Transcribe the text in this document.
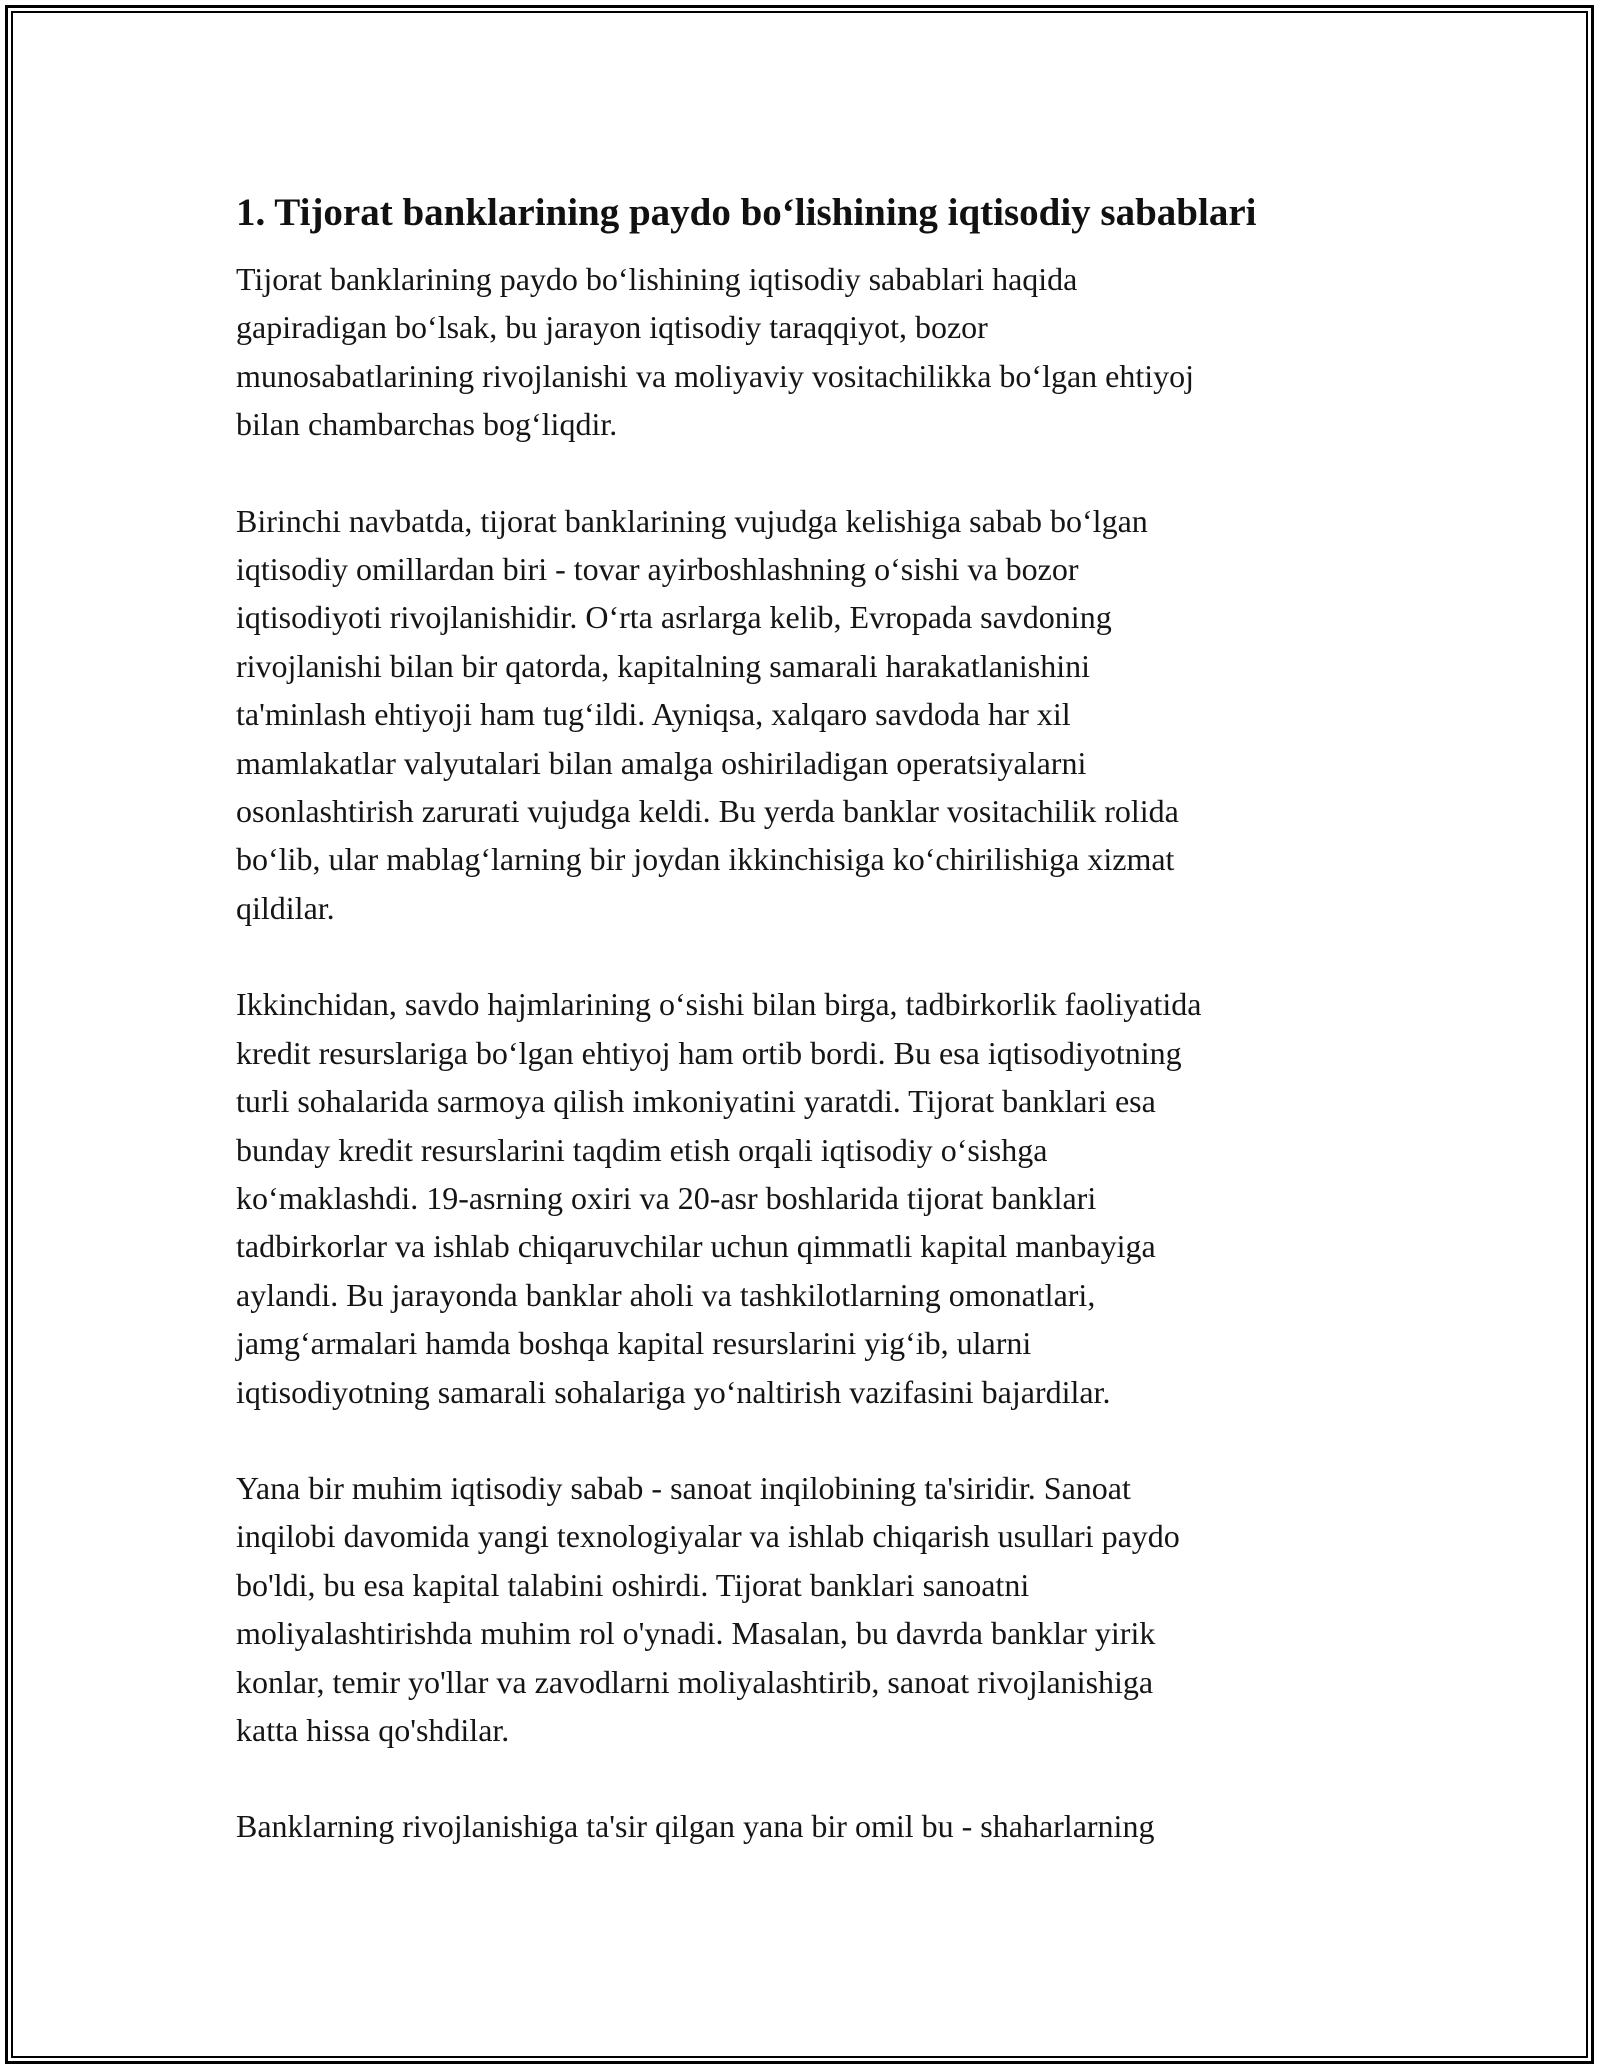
1. Tijorat banklarining paydo bo‘lishining iqtisodiy sabablari

Tijorat banklarining paydo bo‘lishining iqtisodiy sabablari haqida
gapiradigan bo‘lsak, bu jarayon iqtisodiy taraqqiyot, bozor
munosabatlarining rivojlanishi va moliyaviy vositachilikka bo‘lgan ehtiyoj
bilan chambarchas bog‘liqdir.

Birinchi navbatda, tijorat banklarining vujudga kelishiga sabab bo‘lgan
iqtisodiy omillardan biri - tovar ayirboshlashning o‘sishi va bozor
iqtisodiyoti rivojlanishidir. O‘rta asrlarga kelib, Evropada savdoning
rivojlanishi bilan bir qatorda, kapitalning samarali harakatlanishini
ta'minlash ehtiyoji ham tug‘ildi. Ayniqsa, xalqaro savdoda har xil
mamlakatlar valyutalari bilan amalga oshiriladigan operatsiyalarni
osonlashtirish zarurati vujudga keldi. Bu yerda banklar vositachilik rolida
bo‘lib, ular mablag‘larning bir joydan ikkinchisiga ko‘chirilishiga xizmat
qildilar.

Ikkinchidan, savdo hajmlarining o‘sishi bilan birga, tadbirkorlik faoliyatida
kredit resurslariga bo‘lgan ehtiyoj ham ortib bordi. Bu esa iqtisodiyotning
turli sohalarida sarmoya qilish imkoniyatini yaratdi. Tijorat banklari esa
bunday kredit resurslarini taqdim etish orqali iqtisodiy o‘sishga
ko‘maklashdi. 19-asrning oxiri va 20-asr boshlarida tijorat banklari
tadbirkorlar va ishlab chiqaruvchilar uchun qimmatli kapital manbayiga
aylandi. Bu jarayonda banklar aholi va tashkilotlarning omonatlari,
jamg‘armalari hamda boshqa kapital resurslarini yig‘ib, ularni
iqtisodiyotning samarali sohalariga yo‘naltirish vazifasini bajardilar.

Yana bir muhim iqtisodiy sabab - sanoat inqilobining ta'siridir. Sanoat
inqilobi davomida yangi texnologiyalar va ishlab chiqarish usullari paydo
bo'ldi, bu esa kapital talabini oshirdi. Tijorat banklari sanoatni
moliyalashtirishda muhim rol o'ynadi. Masalan, bu davrda banklar yirik
konlar, temir yo'llar va zavodlarni moliyalashtirib, sanoat rivojlanishiga
katta hissa qo'shdilar.

Banklarning rivojlanishiga ta'sir qilgan yana bir omil bu - shaharlarning
